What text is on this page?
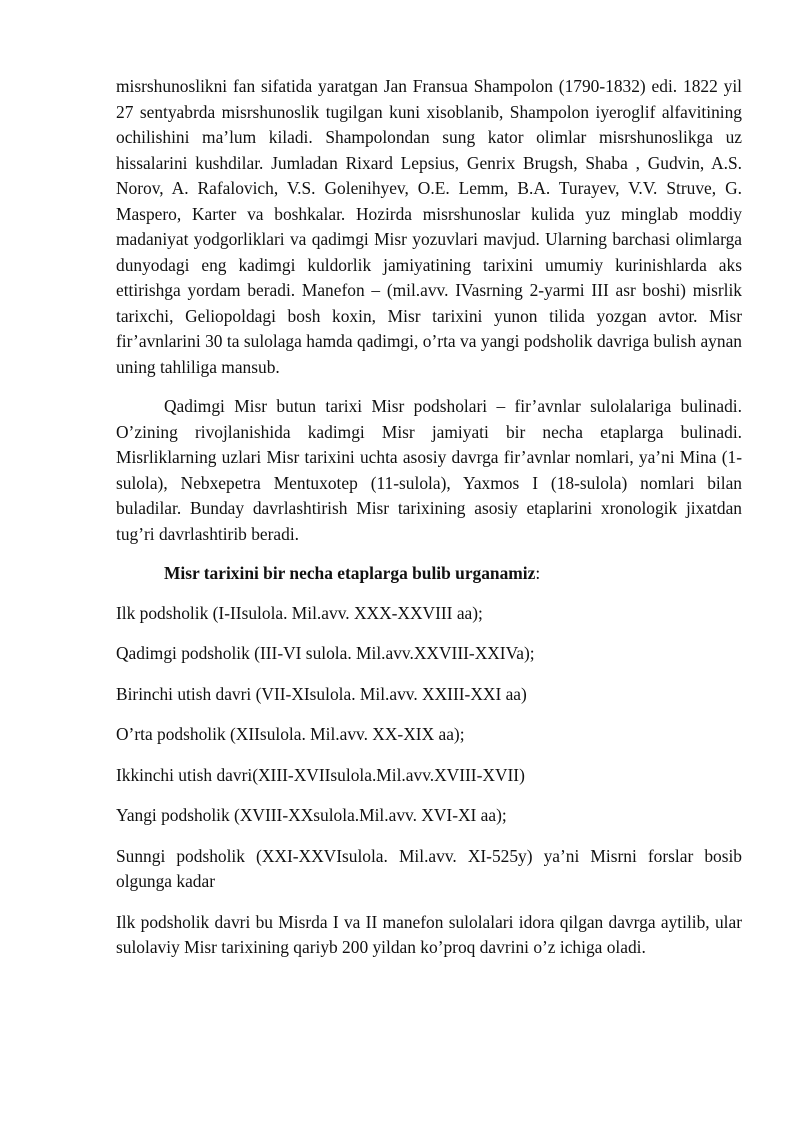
misrshunoslikni fan sifatida yaratgan Jan Fransua Shampolon (1790-1832) edi. 1822 yil 27 sentyabrda misrshunoslik tugilgan kuni xisoblanib, Shampolon iyeroglif alfavitining ochilishini ma’lum kiladi. Shampolondan sung kator olimlar misrshunoslikga uz hissalarini kushdilar. Jumladan Rixard Lepsius, Genrix Brugsh, Shaba , Gudvin, A.S. Norov, A. Rafalovich, V.S. Golenihyev, O.E. Lemm, B.A. Turayev, V.V. Struve, G. Maspero, Karter va boshkalar. Hozirda misrshunoslar kulida yuz minglab moddiy madaniyat yodgorliklari va qadimgi Misr yozuvlari mavjud. Ularning barchasi olimlarga dunyodagi eng kadimgi kuldorlik jamiyatining tarixini umumiy kurinishlarda aks ettirishga yordam beradi. Manefon – (mil.avv. IVasrning 2-yarmi III asr boshi) misrlik tarixchi, Geliopoldagi bosh koxin, Misr tarixini yunon tilida yozgan avtor. Misr fir’avnlarini 30 ta sulolaga hamda qadimgi, o’rta va yangi podsholik davriga bulish aynan uning tahliliga mansub.

Qadimgi Misr butun tarixi Misr podsholari – fir’avnlar sulolalariga bulinadi. O’zining rivojlanishida kadimgi Misr jamiyati bir necha etaplarga bulinadi. Misrliklarning uzlari Misr tarixini uchta asosiy davrga fir’avnlar nomlari, ya’ni Mina (1-sulola), Nebxepetra Mentuxotep (11-sulola), Yaxmos I (18-sulola) nomlari bilan buladilar. Bunday davrlashtirish Misr tarixining asosiy etaplarini xronologik jixatdan tug’ri davrlashtirib beradi.

Misr tarixini bir necha etaplarga bulib urganamiz:

Ilk podsholik (I-IIsulola. Mil.avv. XXX-XXVIII aa);

Qadimgi podsholik (III-VI sulola. Mil.avv.XXVIII-XXIVa);

Birinchi utish davri (VII-XIsulola. Mil.avv. XXIII-XXI aa)

O’rta podsholik (XIIsulola. Mil.avv. XX-XIX aa);

Ikkinchi utish davri(XIII-XVIIsulola.Mil.avv.XVIII-XVII)

Yangi podsholik (XVIII-XXsulola.Mil.avv. XVI-XI aa);

Sunngi podsholik (XXI-XXVIsulola. Mil.avv. XI-525y) ya’ni Misrni forslar bosib olgunga kadar

Ilk podsholik davri bu Misrda I va II manefon sulolalari idora qilgan davrga aytilib, ular sulolaviy Misr tarixining qariyb 200 yildan ko’proq davrini o’z ichiga oladi.
